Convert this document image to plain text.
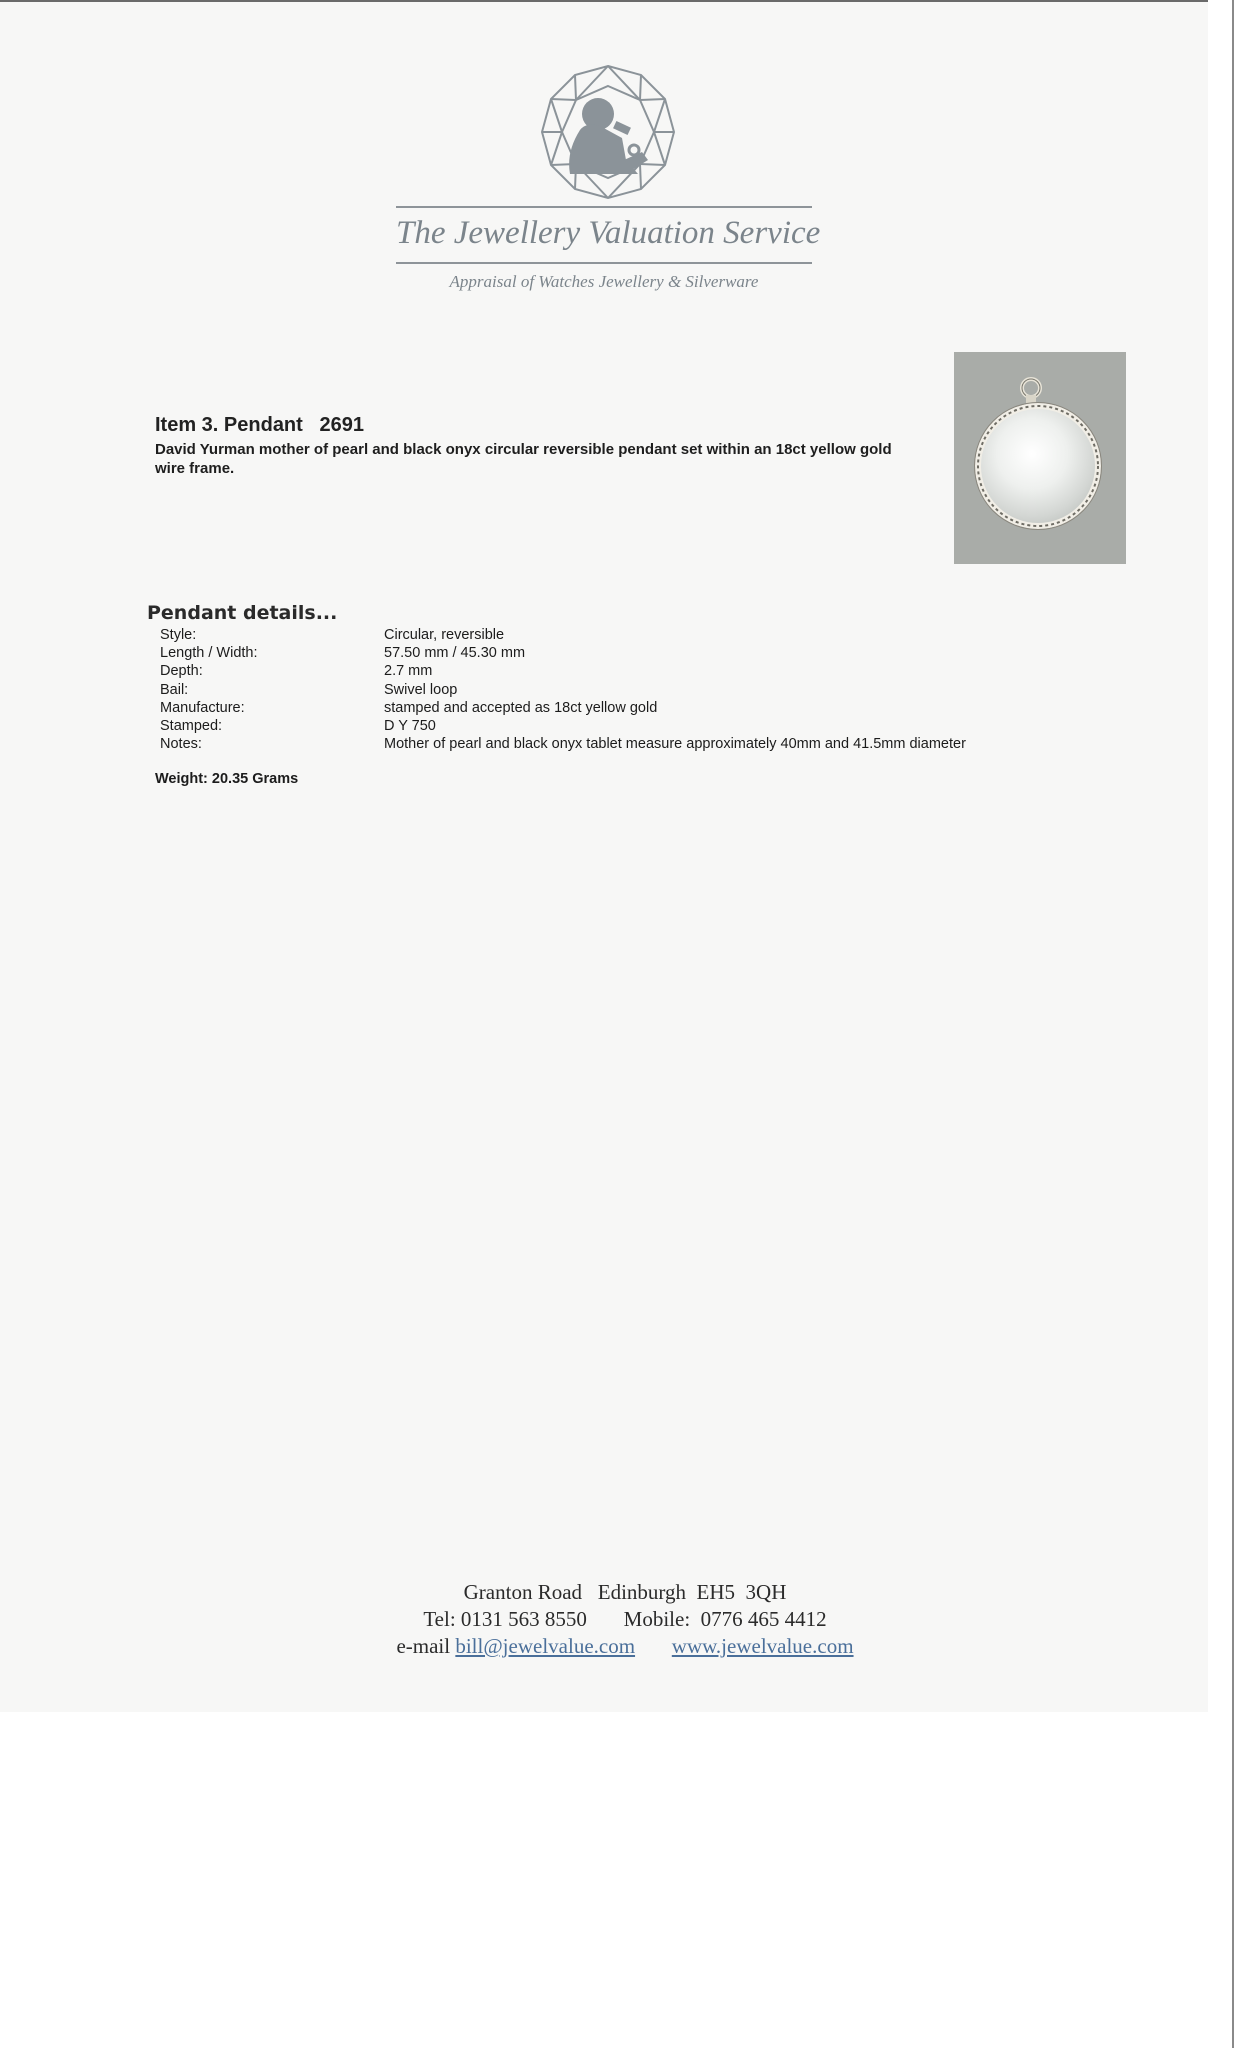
The Jewellery Valuation Service
Appraisal of Watches Jewellery & Silverware
Item 3. Pendant   2691
David Yurman mother of pearl and black onyx circular reversible pendant set within an 18ct yellow gold wire frame.
Pendant details...
Style:	Circular, reversible
Length / Width:	57.50 mm / 45.30 mm
Depth:	2.7 mm
Bail:	Swivel loop
Manufacture:	stamped and accepted as 18ct yellow gold
Stamped:	D Y 750
Notes:	Mother of pearl and black onyx tablet measure approximately 40mm and 41.5mm diameter
Weight: 20.35 Grams
Granton Road   Edinburgh  EH5  3QH
Tel: 0131 563 8550 Mobile:  0776 465 4412
e-mail bill@jewelvalue.com www.jewelvalue.com
